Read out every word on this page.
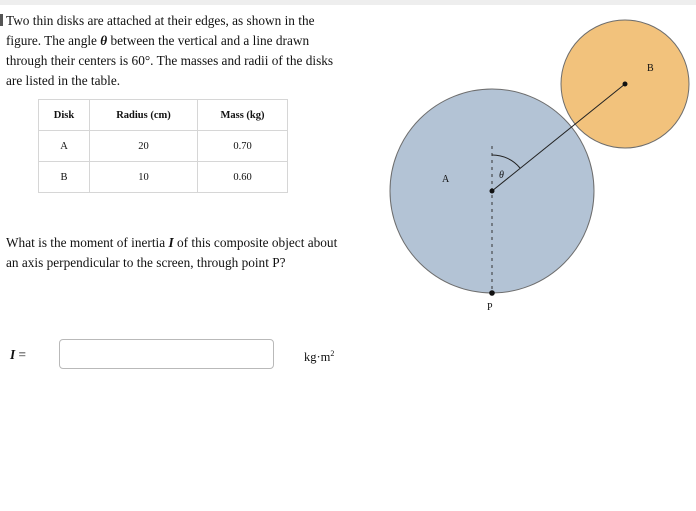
Two thin disks are attached at their edges, as shown in the figure. The angle θ between the vertical and a line drawn through their centers is 60°. The masses and radii of the disks are listed in the table.

Disk	Radius (cm)	Mass (kg)
A	20	0.70
B	10	0.60

What is the moment of inertia I of this composite object about an axis perpendicular to the screen, through point P?

I =	$kg\cdot m^2$
A
B
P
θ
